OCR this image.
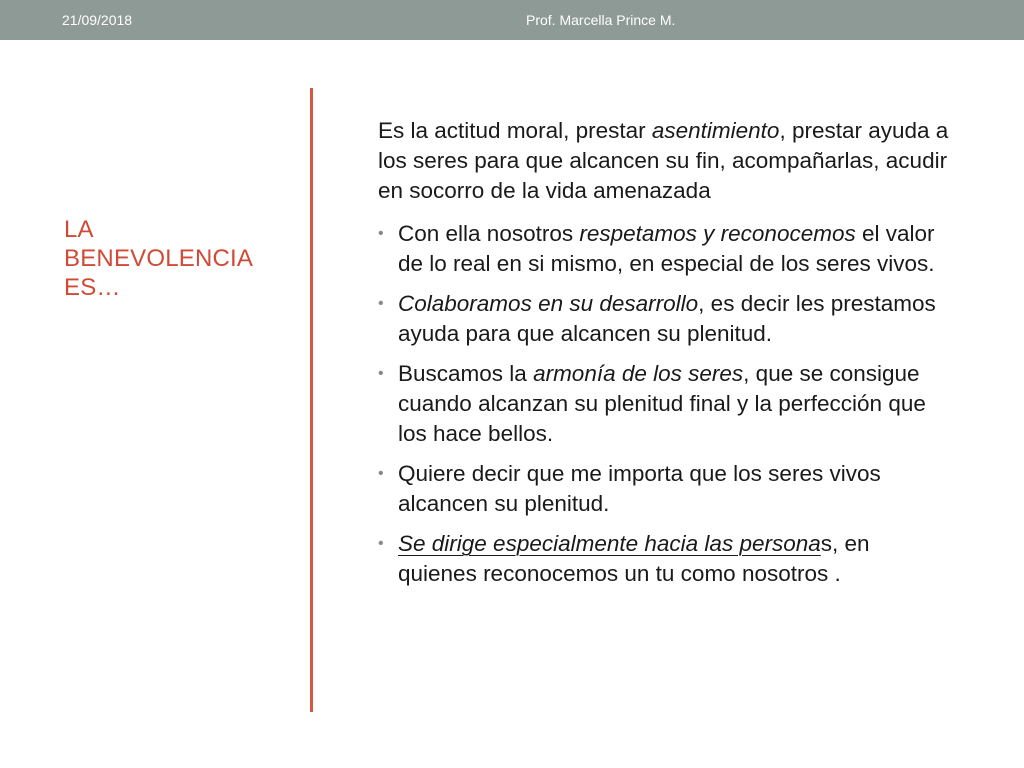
21/09/2018	Prof. Marcella Prince M.
LA
BENEVOLENCIA
ES…

Es la actitud moral, prestar asentimiento, prestar ayuda a los seres para que alcancen su fin, acompañarlas, acudir en socorro de la vida amenazada

• Con ella nosotros respetamos y reconocemos el valor de lo real en si mismo, en especial de los seres vivos.
• Colaboramos en su desarrollo, es decir les prestamos ayuda para que alcancen su plenitud.
• Buscamos la armonía de los seres, que se consigue cuando alcanzan su plenitud final y la perfección que los hace bellos.
• Quiere decir que me importa que los seres vivos alcancen su plenitud.
• Se dirige especialmente hacia las personas, en quienes reconocemos un tu como nosotros .
